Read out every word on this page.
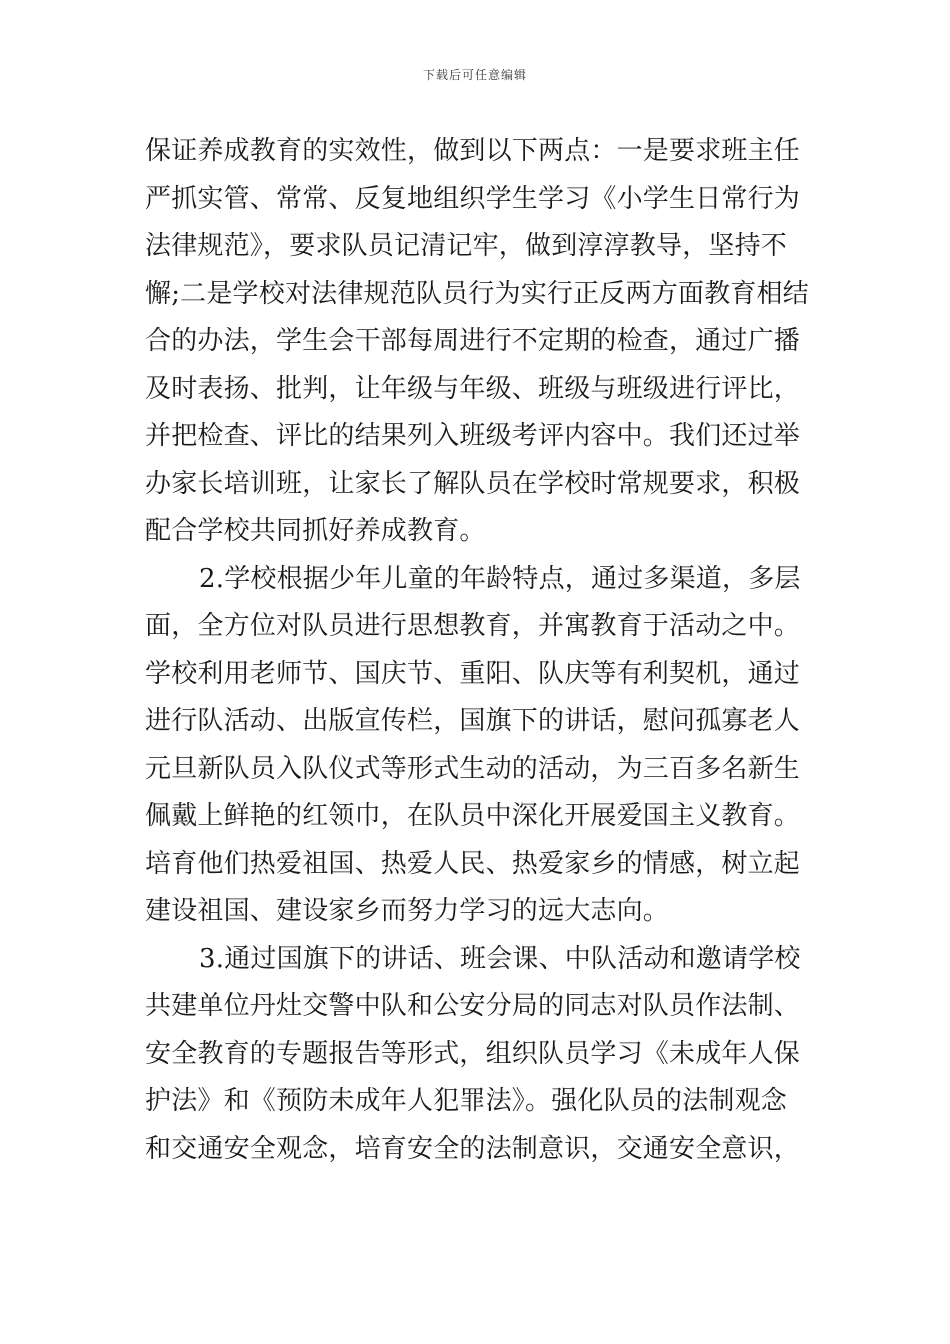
下载后可任意编辑
保证养成教育的实效性，做到以下两点：一是要求班主任
严抓实管、常常、反复地组织学生学习《小学生日常行为
法律规范》，要求队员记清记牢，做到淳淳教导，坚持不
懈;二是学校对法律规范队员行为实行正反两方面教育相结
合的办法，学生会干部每周进行不定期的检查，通过广播
及时表扬、批判，让年级与年级、班级与班级进行评比，
并把检查、评比的结果列入班级考评内容中。我们还过举
办家长培训班，让家长了解队员在学校时常规要求，积极
配合学校共同抓好养成教育。
2.学校根据少年儿童的年龄特点，通过多渠道，多层
面，全方位对队员进行思想教育，并寓教育于活动之中。
学校利用老师节、国庆节、重阳、队庆等有利契机，通过
进行队活动、出版宣传栏，国旗下的讲话，慰问孤寡老人
元旦新队员入队仪式等形式生动的活动，为三百多名新生
佩戴上鲜艳的红领巾，在队员中深化开展爱国主义教育。
培育他们热爱祖国、热爱人民、热爱家乡的情感，树立起
建设祖国、建设家乡而努力学习的远大志向。
3.通过国旗下的讲话、班会课、中队活动和邀请学校
共建单位丹灶交警中队和公安分局的同志对队员作法制、
安全教育的专题报告等形式，组织队员学习《未成年人保
护法》和《预防未成年人犯罪法》。强化队员的法制观念
和交通安全观念，培育安全的法制意识，交通安全意识，
